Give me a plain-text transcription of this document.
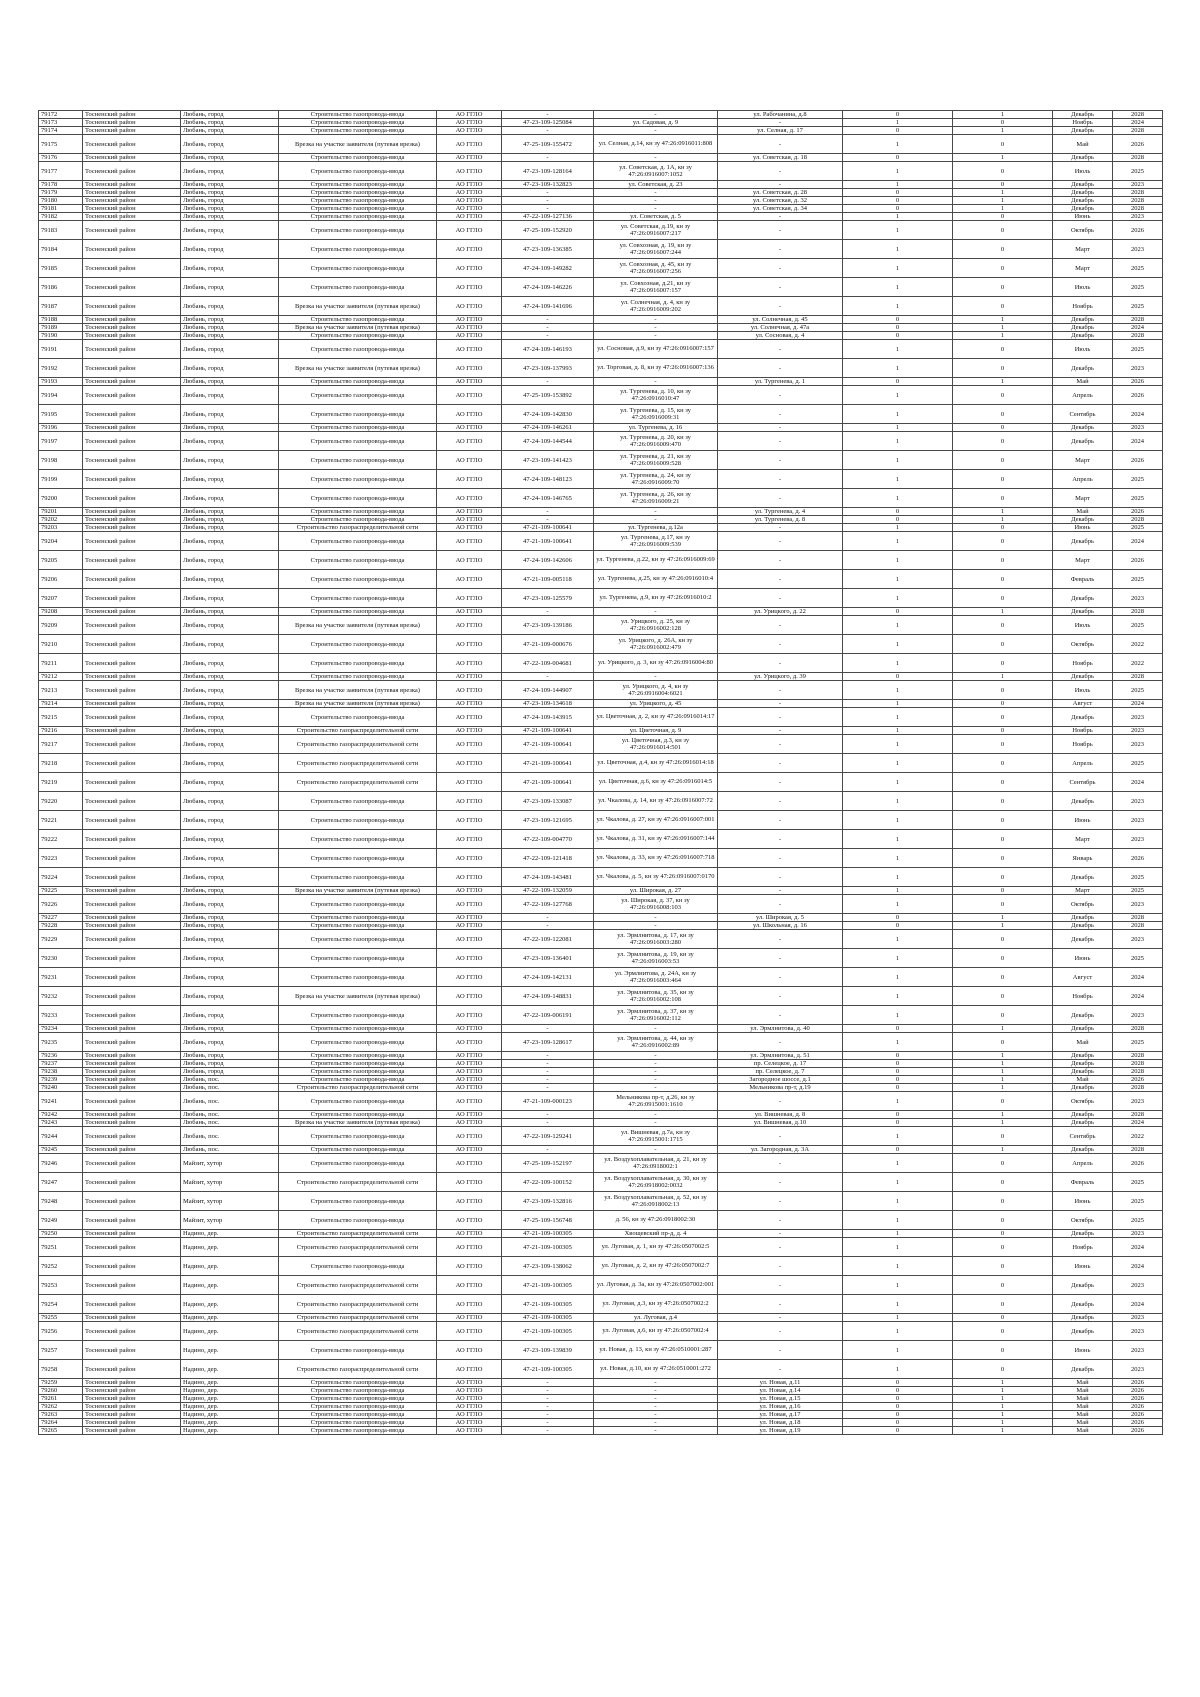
79172	Тосненский район	Любань, город	Строительство газопровода-ввода	АО ГГЛО	-	-	ул. Рабочанина, д.8	0	1	Декабрь	2028
79173	Тосненский район	Любань, город	Строительство газопровода-ввода	АО ГГЛО	47-23-109-125084	ул. Садовая, д. 9	-	1	0	Ноябрь	2024
79174	Тосненский район	Любань, город	Строительство газопровода-ввода	АО ГГЛО	-	-	ул. Селная, д. 17	0	1	Декабрь	2028
79175	Тосненский район	Любань, город	Врезка на участке заявителя (путевая врезка)	АО ГГЛО	47-25-109-155472	ул. Селная, д.14, кн зу 47:26:0916011:808	-	1	0	Май	2026
79176	Тосненский район	Любань, город	Строительство газопровода-ввода	АО ГГЛО	-	-	ул. Советская, д. 18	0	1	Декабрь	2028
79177	Тосненский район	Любань, город	Строительство газопровода-ввода	АО ГГЛО	47-23-109-128164	ул. Советская, д. 1А, кн зу 47:26:0916007:1052	-	1	0	Июль	2025
79178	Тосненский район	Любань, город	Строительство газопровода-ввода	АО ГГЛО	47-23-109-132823	ул. Советская, д. 23	-	1	0	Декабрь	2023
79179	Тосненский район	Любань, город	Строительство газопровода-ввода	АО ГГЛО	-	-	ул. Советская, д. 28	0	1	Декабрь	2028
79180	Тосненский район	Любань, город	Строительство газопровода-ввода	АО ГГЛО	-	-	ул. Советская, д. 32	0	1	Декабрь	2028
79181	Тосненский район	Любань, город	Строительство газопровода-ввода	АО ГГЛО	-	-	ул. Советская, д. 34	0	1	Декабрь	2028
79182	Тосненский район	Любань, город	Строительство газопровода-ввода	АО ГГЛО	47-22-109-127136	ул. Советская, д. 5	-	1	0	Июнь	2023
79183	Тосненский район	Любань, город	Строительство газопровода-ввода	АО ГГЛО	47-25-109-152920	ул. Советская, д.19, кн зу 47:26:0916007:217	-	1	0	Октябрь	2026
79184	Тосненский район	Любань, город	Строительство газопровода-ввода	АО ГГЛО	47-23-109-136385	ул. Совхозная, д. 19, кн зу 47:26:0916007:244	-	1	0	Март	2023
79185	Тосненский район	Любань, город	Строительство газопровода-ввода	АО ГГЛО	47-24-109-149282	ул. Совхозная, д. 45, кн зу 47:26:0916007:256	-	1	0	Март	2025
79186	Тосненский район	Любань, город	Строительство газопровода-ввода	АО ГГЛО	47-24-109-146226	ул. Совхозная, д.21, кн зу 47:26:0916007:157	-	1	0	Июль	2025
79187	Тосненский район	Любань, город	Врезка на участке заявителя (путевая врезка)	АО ГГЛО	47-24-109-141696	ул. Солнечная, д. 4, кн зу 47:26:0916009:202	-	1	0	Ноябрь	2025
79188	Тосненский район	Любань, город	Строительство газопровода-ввода	АО ГГЛО	-	-	ул. Солнечная, д. 45	0	1	Декабрь	2028
79189	Тосненский район	Любань, город	Врезка на участке заявителя (путевая врезка)	АО ГГЛО	-	-	ул. Солнечная, д. 47а	0	1	Декабрь	2024
79190	Тосненский район	Любань, город	Строительство газопровода-ввода	АО ГГЛО	-	-	ул. Сосновая, д. 4	0	1	Декабрь	2028
79191	Тосненский район	Любань, город	Строительство газопровода-ввода	АО ГГЛО	47-24-109-146193	ул. Сосновая, д.9, кн зу 47:26:0916007:157	-	1	0	Июль	2025
79192	Тосненский район	Любань, город	Врезка на участке заявителя (путевая врезка)	АО ГГЛО	47-23-109-137993	ул. Торговая, д. 8, кн зу 47:26:0916007:136	-	1	0	Декабрь	2023
79193	Тосненский район	Любань, город	Строительство газопровода-ввода	АО ГГЛО	-	-	ул. Тургенева, д. 1	0	1	Май	2026
79194	Тосненский район	Любань, город	Строительство газопровода-ввода	АО ГГЛО	47-25-109-153892	ул. Тургенева, д. 10, кн зу 47:26:0916010:47	-	1	0	Апрель	2026
79195	Тосненский район	Любань, город	Строительство газопровода-ввода	АО ГГЛО	47-24-109-142830	ул. Тургенева, д. 15, кн зу 47:26:0916009:31	-	1	0	Сентябрь	2024
79196	Тосненский район	Любань, город	Строительство газопровода-ввода	АО ГГЛО	47-24-109-146261	ул. Тургенева, д. 16	-	1	0	Декабрь	2023
79197	Тосненский район	Любань, город	Строительство газопровода-ввода	АО ГГЛО	47-24-109-144544	ул. Тургенева, д. 20, кн зу 47:26:0916009:470	-	1	0	Декабрь	2024
79198	Тосненский район	Любань, город	Строительство газопровода-ввода	АО ГГЛО	47-23-109-141423	ул. Тургенева, д. 21, кн зу 47:26:0916009:528	-	1	0	Март	2026
79199	Тосненский район	Любань, город	Строительство газопровода-ввода	АО ГГЛО	47-24-109-148123	ул. Тургенева, д. 24, кн зу 47:26:0916009:70	-	1	0	Апрель	2025
79200	Тосненский район	Любань, город	Строительство газопровода-ввода	АО ГГЛО	47-24-109-146765	ул. Тургенева, д. 26, кн зу 47:26:0916009:21	-	1	0	Март	2025
79201	Тосненский район	Любань, город	Строительство газопровода-ввода	АО ГГЛО	-	-	ул. Тургенева, д. 4	0	1	Май	2026
79202	Тосненский район	Любань, город	Строительство газопровода-ввода	АО ГГЛО	-	-	ул. Тургенева, д. 8	0	1	Декабрь	2028
79203	Тосненский район	Любань, город	Строительство газораспределительной сети	АО ГГЛО	47-21-109-100641	ул. Тургенева, д.12а	-	1	0	Июнь	2025
79204	Тосненский район	Любань, город	Строительство газопровода-ввода	АО ГГЛО	47-21-109-100641	ул. Тургенева, д.17, кн зу 47:26:0916009:539	-	1	0	Декабрь	2024
79205	Тосненский район	Любань, город	Строительство газопровода-ввода	АО ГГЛО	47-24-109-142606	ул. Тургенева, д.22, кн зу 47:26:0916009:69	-	1	0	Март	2026
79206	Тосненский район	Любань, город	Строительство газопровода-ввода	АО ГГЛО	47-21-109-005118	ул. Тургенева, д.25, кн зу 47:26:0916010:4	-	1	0	Февраль	2025
79207	Тосненский район	Любань, город	Строительство газопровода-ввода	АО ГГЛО	47-23-109-125579	ул. Тургенева, д.9, кн зу 47:26:0916010:2	-	1	0	Декабрь	2023
79208	Тосненский район	Любань, город	Строительство газопровода-ввода	АО ГГЛО	-	-	ул. Урицкого, д. 22	0	1	Декабрь	2028
79209	Тосненский район	Любань, город	Врезка на участке заявителя (путевая врезка)	АО ГГЛО	47-23-109-139186	ул. Урицкого, д. 25, кн зу 47:26:0916002:128	-	1	0	Июль	2025
79210	Тосненский район	Любань, город	Строительство газопровода-ввода	АО ГГЛО	47-21-109-000676	ул. Урицкого, д. 26А, кн зу 47:26:0916002:479	-	1	0	Октябрь	2022
79211	Тосненский район	Любань, город	Строительство газопровода-ввода	АО ГГЛО	47-22-109-004681	ул. Урицкого, д. 3, кн зу 47:26:0916004:80	-	1	0	Ноябрь	2022
79212	Тосненский район	Любань, город	Строительство газопровода-ввода	АО ГГЛО	-	-	ул. Урицкого, д. 39	0	1	Декабрь	2028
79213	Тосненский район	Любань, город	Врезка на участке заявителя (путевая врезка)	АО ГГЛО	47-24-109-144907	ул. Урицкого, д. 4, кн зу 47:26:0916004:6021	-	1	0	Июль	2025
79214	Тосненский район	Любань, город	Врезка на участке заявителя (путевая врезка)	АО ГГЛО	47-23-109-134618	ул. Урицкого, д. 45	-	1	0	Август	2024
79215	Тосненский район	Любань, город	Строительство газопровода-ввода	АО ГГЛО	47-24-109-143915	ул. Цветочная, д. 2, кн зу 47:26:0916014:17	-	1	0	Декабрь	2023
79216	Тосненский район	Любань, город	Строительство газораспределительной сети	АО ГГЛО	47-21-109-100641	ул. Цветочная, д. 9	-	1	0	Ноябрь	2023
79217	Тосненский район	Любань, город	Строительство газораспределительной сети	АО ГГЛО	47-21-109-100641	ул. Цветочная, д.3, кн зу 47:26:0916014:501	-	1	0	Ноябрь	2023
79218	Тосненский район	Любань, город	Строительство газораспределительной сети	АО ГГЛО	47-21-109-100641	ул. Цветочная, д.4, кн зу 47:26:0916014:18	-	1	0	Апрель	2025
79219	Тосненский район	Любань, город	Строительство газораспределительной сети	АО ГГЛО	47-21-109-100641	ул. Цветочная, д.6, кн зу 47:26:0916014:5	-	1	0	Сентябрь	2024
79220	Тосненский район	Любань, город	Строительство газопровода-ввода	АО ГГЛО	47-23-109-133087	ул. Чкалова, д. 14, кн зу 47:26:0916007:72	-	1	0	Декабрь	2023
79221	Тосненский район	Любань, город	Строительство газопровода-ввода	АО ГГЛО	47-23-109-121695	ул. Чкалова, д. 27, кн зу 47:26:0916007:001	-	1	0	Июнь	2023
79222	Тосненский район	Любань, город	Строительство газопровода-ввода	АО ГГЛО	47-22-109-004770	ул. Чкалова, д. 31, кн зу 47:26:0916007:144	-	1	0	Март	2023
79223	Тосненский район	Любань, город	Строительство газопровода-ввода	АО ГГЛО	47-22-109-121418	ул. Чкалова, д. 33, кн зу 47:26:0916007:718	-	1	0	Январь	2026
79224	Тосненский район	Любань, город	Строительство газопровода-ввода	АО ГГЛО	47-24-109-143481	ул. Чкалова, д. 5, кн зу 47:26:0916007:0170	-	1	0	Декабрь	2025
79225	Тосненский район	Любань, город	Врезка на участке заявителя (путевая врезка)	АО ГГЛО	47-22-109-132059	ул. Широкая, д. 27	-	1	0	Март	2025
79226	Тосненский район	Любань, город	Строительство газопровода-ввода	АО ГГЛО	47-22-109-127768	ул. Широкая, д. 37, кн зу 47:26:0916008:103	-	1	0	Октябрь	2023
79227	Тосненский район	Любань, город	Строительство газопровода-ввода	АО ГГЛО	-	-	ул. Широкая, д. 5	0	1	Декабрь	2028
79228	Тосненский район	Любань, город	Строительство газопровода-ввода	АО ГГЛО	-	-	ул. Школьная, д. 16	0	1	Декабрь	2028
79229	Тосненский район	Любань, город	Строительство газопровода-ввода	АО ГГЛО	47-22-109-122081	ул. Эрмлнитова, д. 17, кн зу 47:26:0916003:280	-	1	0	Декабрь	2023
79230	Тосненский район	Любань, город	Строительство газопровода-ввода	АО ГГЛО	47-23-109-136401	ул. Эрмлнитова, д. 19, кн зу 47:26:0916003:53	-	1	0	Июнь	2025
79231	Тосненский район	Любань, город	Строительство газопровода-ввода	АО ГГЛО	47-24-109-142131	ул. Эрмлнитова, д. 24А, кн зу 47:26:0916003:464	-	1	0	Август	2024
79232	Тосненский район	Любань, город	Врезка на участке заявителя (путевая врезка)	АО ГГЛО	47-24-109-148831	ул. Эрмлнитова, д. 35, кн зу 47:26:0916002:108	-	1	0	Ноябрь	2024
79233	Тосненский район	Любань, город	Строительство газопровода-ввода	АО ГГЛО	47-22-109-006191	ул. Эрмлнитова, д. 37, кн зу 47:26:0916002:112	-	1	0	Декабрь	2023
79234	Тосненский район	Любань, город	Строительство газопровода-ввода	АО ГГЛО	-	-	ул. Эрмлнитова, д. 40	0	1	Декабрь	2028
79235	Тосненский район	Любань, город	Строительство газопровода-ввода	АО ГГЛО	47-23-109-128617	ул. Эрмлнитова, д. 44, кн зу 47:26:0916002:89	-	1	0	Май	2025
79236	Тосненский район	Любань, город	Строительство газопровода-ввода	АО ГГЛО	-	-	ул. Эрмлнитова, д. 51	0	1	Декабрь	2028
79237	Тосненский район	Любань, город	Строительство газопровода-ввода	АО ГГЛО	-	-	пр. Селецкое, д. 17	0	1	Декабрь	2028
79238	Тосненский район	Любань, город	Строительство газопровода-ввода	АО ГГЛО	-	-	пр. Селецкое, д. 7	0	1	Декабрь	2028
79239	Тосненский район	Любань, пос.	Строительство газопровода-ввода	АО ГГЛО	-	-	Загородное шоссе, д.1	0	1	Май	2026
79240	Тосненский район	Любань, пос.	Строительство газораспределительной сети	АО ГГЛО	-	-	Мельникова пр-т, д.19	0	1	Декабрь	2028
79241	Тосненский район	Любань, пос.	Строительство газопровода-ввода	АО ГГЛО	47-21-109-000123	Мельникова пр-т, д.26, кн зу 47:26:0915001:1610	-	1	0	Октябрь	2023
79242	Тосненский район	Любань, пос.	Строительство газопровода-ввода	АО ГГЛО	-	-	ул. Вишневая, д. 8	0	1	Декабрь	2028
79243	Тосненский район	Любань, пос.	Врезка на участке заявителя (путевая врезка)	АО ГГЛО	-	-	ул. Вишневая, д.10	0	1	Декабрь	2024
79244	Тосненский район	Любань, пос.	Строительство газопровода-ввода	АО ГГЛО	47-22-109-129241	ул. Вишневая, д.7а, кн зу 47:26:0915001:1715	-	1	0	Сентябрь	2022
79245	Тосненский район	Любань, пос.	Строительство газопровода-ввода	АО ГГЛО	-	-	ул. Загородная, д. 3А	0	1	Декабрь	2028
79246	Тосненский район	Майзит, хутор	Строительство газопровода-ввода	АО ГГЛО	47-25-109-152197	ул. Воздухоплавательная, д. 21, кн зу 47:26:0918002:1	-	1	0	Апрель	2026
79247	Тосненский район	Майзит, хутор	Строительство газораспределительной сети	АО ГГЛО	47-22-109-100152	ул. Воздухоплавательная, д. 30, кн зу 47:26:0918002:0032	-	1	0	Февраль	2025
79248	Тосненский район	Майзит, хутор	Строительство газопровода-ввода	АО ГГЛО	47-23-109-132816	ул. Воздухоплавательная, д. 52, кн зу 47:26:0918002:13	-	1	0	Июнь	2025
79249	Тосненский район	Майзит, хутор	Строительство газопровода-ввода	АО ГГЛО	47-25-109-156748	д. 56, кн зу 47:26:0918002:30	-	1	0	Октябрь	2025
79250	Тосненский район	Надино, дер.	Строительство газораспределительной сети	АО ГГЛО	47-21-109-100305	Хвощевский пр-д, д. 4	-	1	0	Декабрь	2023
79251	Тосненский район	Надино, дер.	Строительство газораспределительной сети	АО ГГЛО	47-21-109-100305	ул. Луговая, д. 1, кн зу 47:26:0507002:5	-	1	0	Ноябрь	2024
79252	Тосненский район	Надино, дер.	Строительство газопровода-ввода	АО ГГЛО	47-23-109-138062	ул. Луговая, д. 2, кн зу 47:26:0507002:7	-	1	0	Июнь	2024
79253	Тосненский район	Надино, дер.	Строительство газораспределительной сети	АО ГГЛО	47-21-109-100305	ул. Луговая, д. 3а, кн зу 47:26:0507002:001	-	1	0	Декабрь	2023
79254	Тосненский район	Надино, дер.	Строительство газораспределительной сети	АО ГГЛО	47-21-109-100305	ул. Луговая, д.3, кн зу 47:26:0507002:2	-	1	0	Декабрь	2024
79255	Тосненский район	Надино, дер.	Строительство газораспределительной сети	АО ГГЛО	47-21-109-100305	ул. Луговая, д.4	-	1	0	Декабрь	2023
79256	Тосненский район	Надино, дер.	Строительство газораспределительной сети	АО ГГЛО	47-21-109-100305	ул. Луговая, д.6, кн зу 47:26:0507002:4	-	1	0	Декабрь	2023
79257	Тосненский район	Надино, дер.	Строительство газопровода-ввода	АО ГГЛО	47-23-109-139839	ул. Новая, д. 13, кн зу 47:26:0510001:287	-	1	0	Июнь	2023
79258	Тосненский район	Надино, дер.	Строительство газораспределительной сети	АО ГГЛО	47-21-109-100305	ул. Новая, д.10, кн зу 47:26:0510001:272	-	1	0	Декабрь	2023
79259	Тосненский район	Надино, дер.	Строительство газопровода-ввода	АО ГГЛО	-	-	ул. Новая, д.11	0	1	Май	2026
79260	Тосненский район	Надино, дер.	Строительство газопровода-ввода	АО ГГЛО	-	-	ул. Новая, д.14	0	1	Май	2026
79261	Тосненский район	Надино, дер.	Строительство газопровода-ввода	АО ГГЛО	-	-	ул. Новая, д.15	0	1	Май	2026
79262	Тосненский район	Надино, дер.	Строительство газопровода-ввода	АО ГГЛО	-	-	ул. Новая, д.16	0	1	Май	2026
79263	Тосненский район	Надино, дер.	Строительство газопровода-ввода	АО ГГЛО	-	-	ул. Новая, д.17	0	1	Май	2026
79264	Тосненский район	Надино, дер.	Строительство газопровода-ввода	АО ГГЛО	-	-	ул. Новая, д.18	0	1	Май	2026
79265	Тосненский район	Надино, дер.	Строительство газопровода-ввода	АО ГГЛО	-	-	ул. Новая, д.19	0	1	Май	2026
